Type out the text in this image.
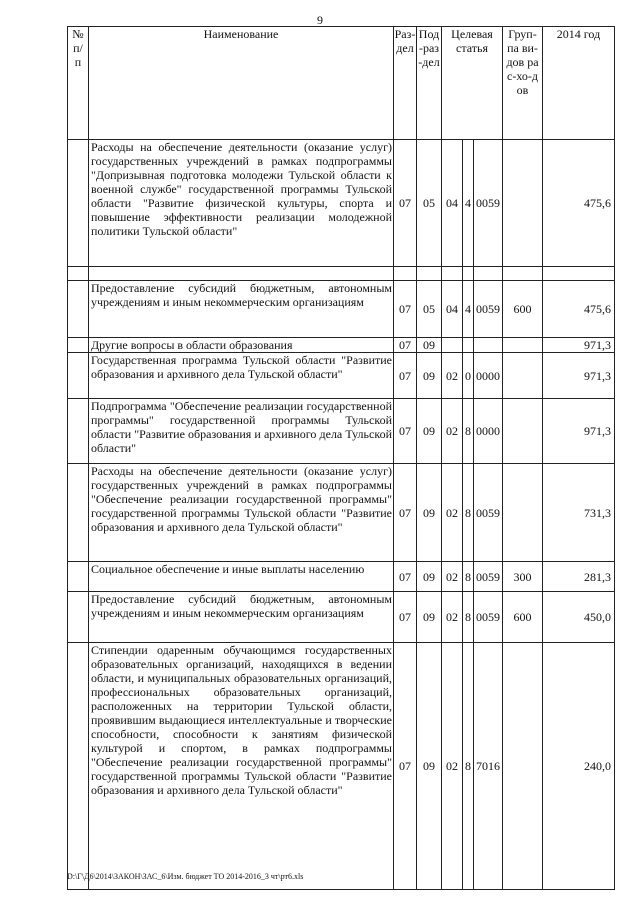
9
№ п/п	Наименование	Раз-дел	Под-раз-дел	Целевая статья			Груп-па ви-дов рас-хо-дов	2014 год
	Расходы на обеспечение деятельности (оказание услуг) государственных учреждений в рамках подпрограммы "Допризывная подготовка молодежи Тульской области к военной службе" государственной программы Тульской области "Развитие физической культуры, спорта и повышение эффективности реализации молодежной политики Тульской области"	07	05	04	4	0059		475,6

	Предоставление субсидий бюджетным, автономным учреждениям и иным некоммерческим организациям	07	05	04	4	0059	600	475,6
	Другие вопросы в области образования	07	09					971,3
	Государственная программа Тульской области "Развитие образования и архивного дела Тульской области"	07	09	02	0	0000		971,3
	Подпрограмма "Обеспечение реализации государственной программы" государственной программы Тульской области "Развитие образования и архивного дела Тульской области"	07	09	02	8	0000		971,3
	Расходы на обеспечение деятельности (оказание услуг) государственных учреждений в рамках подпрограммы "Обеспечение реализации государственной программы" государственной программы Тульской области "Развитие образования и архивного дела Тульской области"	07	09	02	8	0059		731,3
	Социальное обеспечение и иные выплаты населению	07	09	02	8	0059	300	281,3
	Предоставление субсидий бюджетным, автономным учреждениям и иным некоммерческим организациям	07	09	02	8	0059	600	450,0
	Стипендии одаренным обучающимся государственных образовательных организаций, находящихся в ведении области, и муниципальных образовательных организаций, профессиональных образовательных организаций, расположенных на территории Тульской области, проявившим выдающиеся интеллектуальные и творческие способности, способности к занятиям физической культурой и спортом, в рамках подпрограммы "Обеспечение реализации государственной программы" государственной программы Тульской области "Развитие образования и архивного дела Тульской области"	07	09	02	8	7016		240,0
D:\Г\Д6\2014\ЗАКОН\ЗАС_6\Изм. бюджет ТО 2014-2016_3 чт\рт6.xls
